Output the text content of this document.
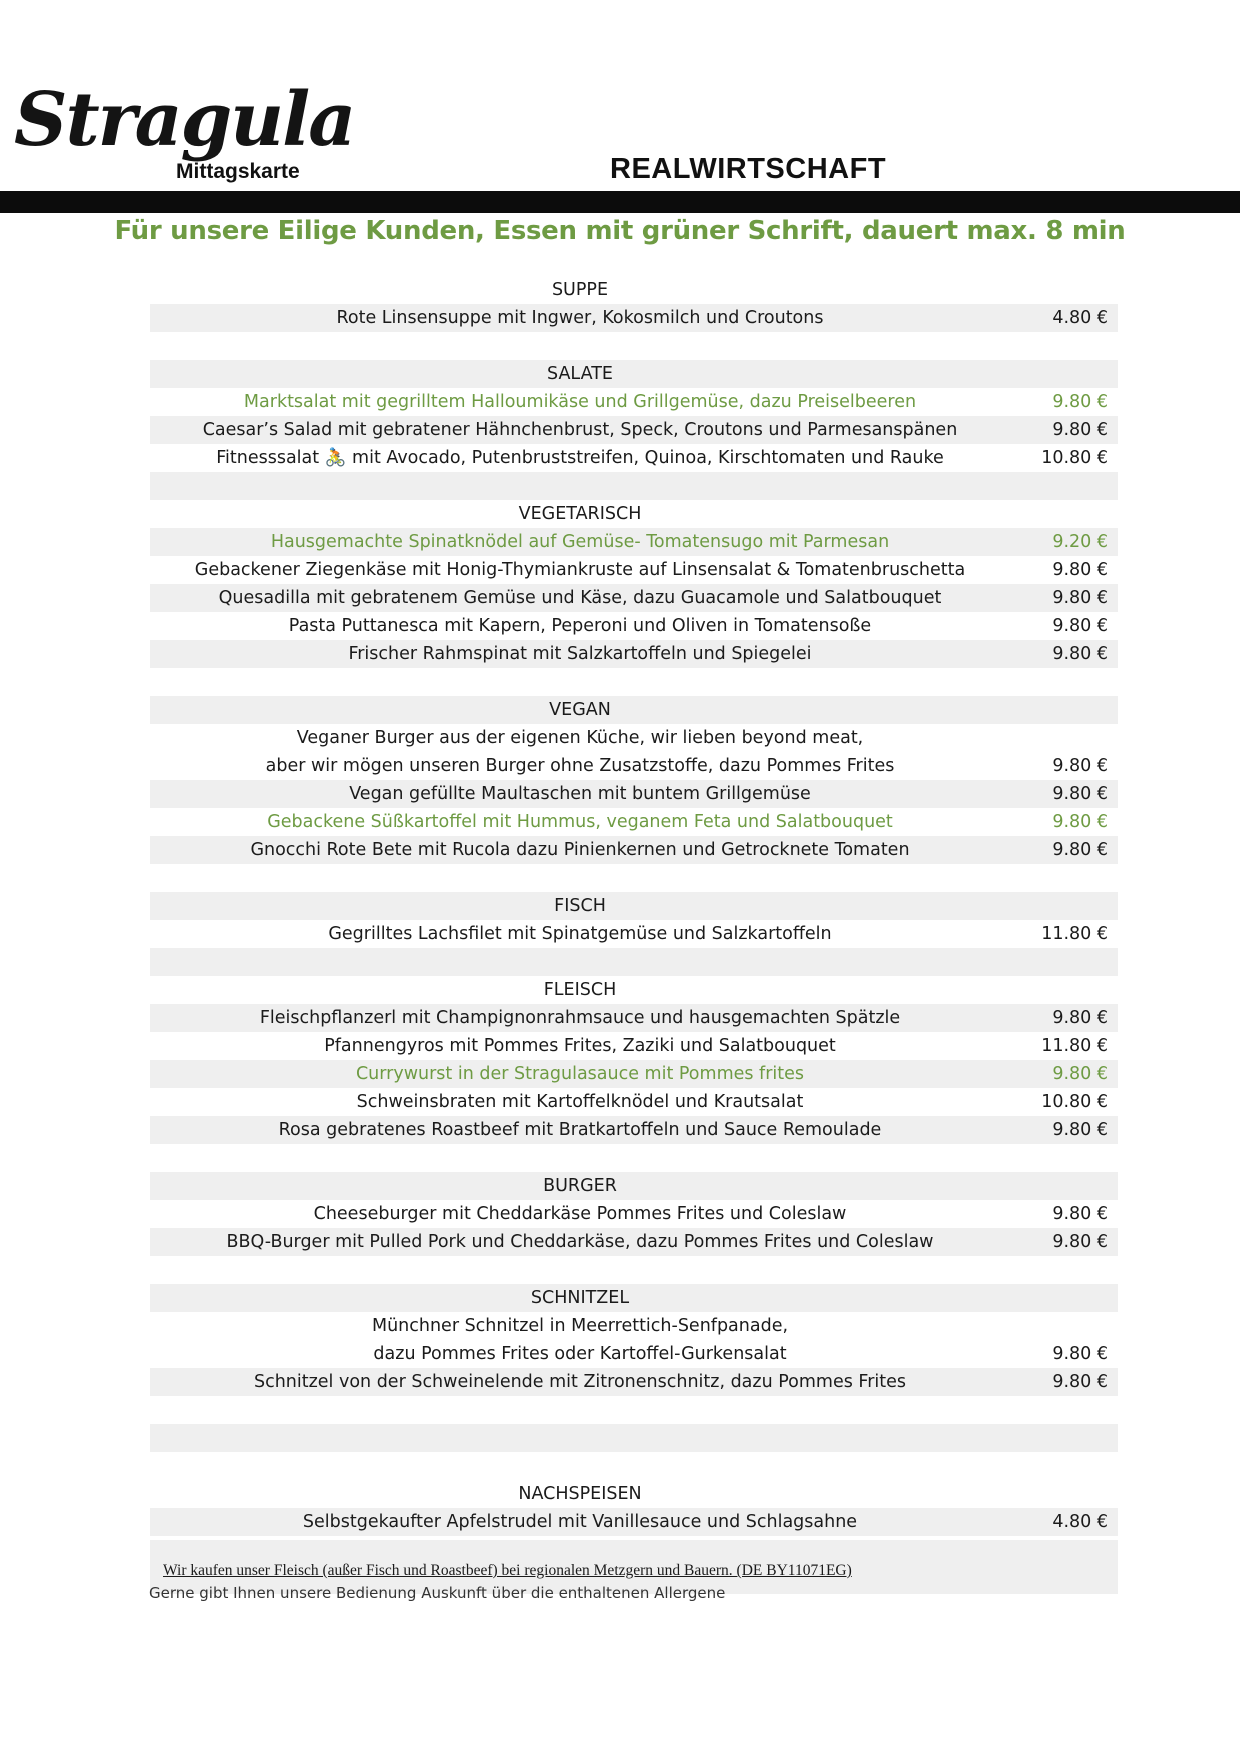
Stragula
Mittagskarte	REALWIRTSCHAFT
Für unsere Eilige Kunden, Essen mit grüner Schrift, dauert max. 8 min
SUPPE
Rote Linsensuppe mit Ingwer, Kokosmilch und Croutons	4.80 €
SALATE
Marktsalat mit gegrilltem Halloumikäse und Grillgemüse, dazu Preiselbeeren	9.80 €
Caesar’s Salad mit gebratener Hähnchenbrust, Speck, Croutons und Parmesanspänen	9.80 €
Fitnesssalat 🚴 mit Avocado, Putenbruststreifen, Quinoa, Kirschtomaten und Rauke	10.80 €
VEGETARISCH
Hausgemachte Spinatknödel auf Gemüse- Tomatensugo mit Parmesan	9.20 €
Gebackener Ziegenkäse mit Honig-Thymiankruste auf Linsensalat & Tomatenbruschetta	9.80 €
Quesadilla mit gebratenem Gemüse und Käse, dazu Guacamole und Salatbouquet	9.80 €
Pasta Puttanesca mit Kapern, Peperoni und Oliven in Tomatensoße	9.80 €
Frischer Rahmspinat mit Salzkartoffeln und Spiegelei	9.80 €
VEGAN
Veganer Burger aus der eigenen Küche, wir lieben beyond meat,
aber wir mögen unseren Burger ohne Zusatzstoffe, dazu Pommes Frites	9.80 €
Vegan gefüllte Maultaschen mit buntem Grillgemüse	9.80 €
Gebackene Süßkartoffel mit Hummus, veganem Feta und Salatbouquet	9.80 €
Gnocchi Rote Bete mit Rucola dazu Pinienkernen und Getrocknete Tomaten	9.80 €
FISCH
Gegrilltes Lachsfilet mit Spinatgemüse und Salzkartoffeln	11.80 €
FLEISCH
Fleischpflanzerl mit Champignonrahmsauce und hausgemachten Spätzle	9.80 €
Pfannengyros mit Pommes Frites, Zaziki und Salatbouquet	11.80 €
Currywurst in der Stragulasauce mit Pommes frites	9.80 €
Schweinsbraten mit Kartoffelknödel und Krautsalat	10.80 €
Rosa gebratenes Roastbeef mit Bratkartoffeln und Sauce Remoulade	9.80 €
BURGER
Cheeseburger mit Cheddarkäse Pommes Frites und Coleslaw	9.80 €
BBQ-Burger mit Pulled Pork und Cheddarkäse, dazu Pommes Frites und Coleslaw	9.80 €
SCHNITZEL
Münchner Schnitzel in Meerrettich-Senfpanade,
dazu Pommes Frites oder Kartoffel-Gurkensalat	9.80 €
Schnitzel von der Schweinelende mit Zitronenschnitz, dazu Pommes Frites	9.80 €
NACHSPEISEN
Selbstgekaufter Apfelstrudel mit Vanillesauce und Schlagsahne	4.80 €
Wir kaufen unser Fleisch (außer Fisch und Roastbeef) bei regionalen Metzgern und Bauern. (DE BY11071EG)
Gerne gibt Ihnen unsere Bedienung Auskunft über die enthaltenen Allergene
